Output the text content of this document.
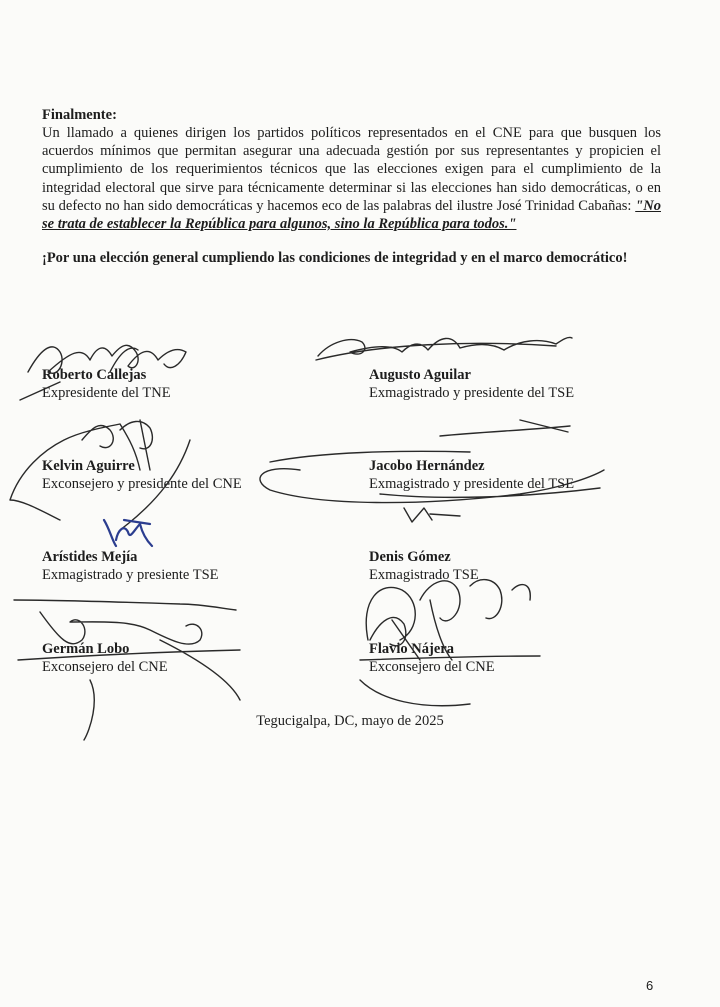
Finalmente:

Un llamado a quienes dirigen los partidos políticos representados en el CNE para que busquen los acuerdos mínimos que permitan asegurar una adecuada gestión por sus representantes y propicien el cumplimiento de los requerimientos técnicos que las elecciones exigen para el cumplimiento de la integridad electoral que sirve para técnicamente determinar si las elecciones han sido democráticas, o en su defecto no han sido democráticas y hacemos eco de las palabras del ilustre José Trinidad Cabañas: "No se trata de establecer la República para algunos, sino la República para todos."

¡Por una elección general cumpliendo las condiciones de integridad y en el marco democrático!
Roberto Callejas
Expresidente del TNE
Augusto Aguilar
Exmagistrado y presidente del TSE
Kelvin Aguirre
Exconsejero y presidente del CNE
Jacobo Hernández
Exmagistrado y presidente del TSE
Arístides Mejía
Exmagistrado y presiente TSE
Denis Gómez
Exmagistrado TSE
Germán Lobo
Exconsejero del CNE
Flavio Nájera
Exconsejero del CNE
Tegucigalpa, DC, mayo de 2025
6
